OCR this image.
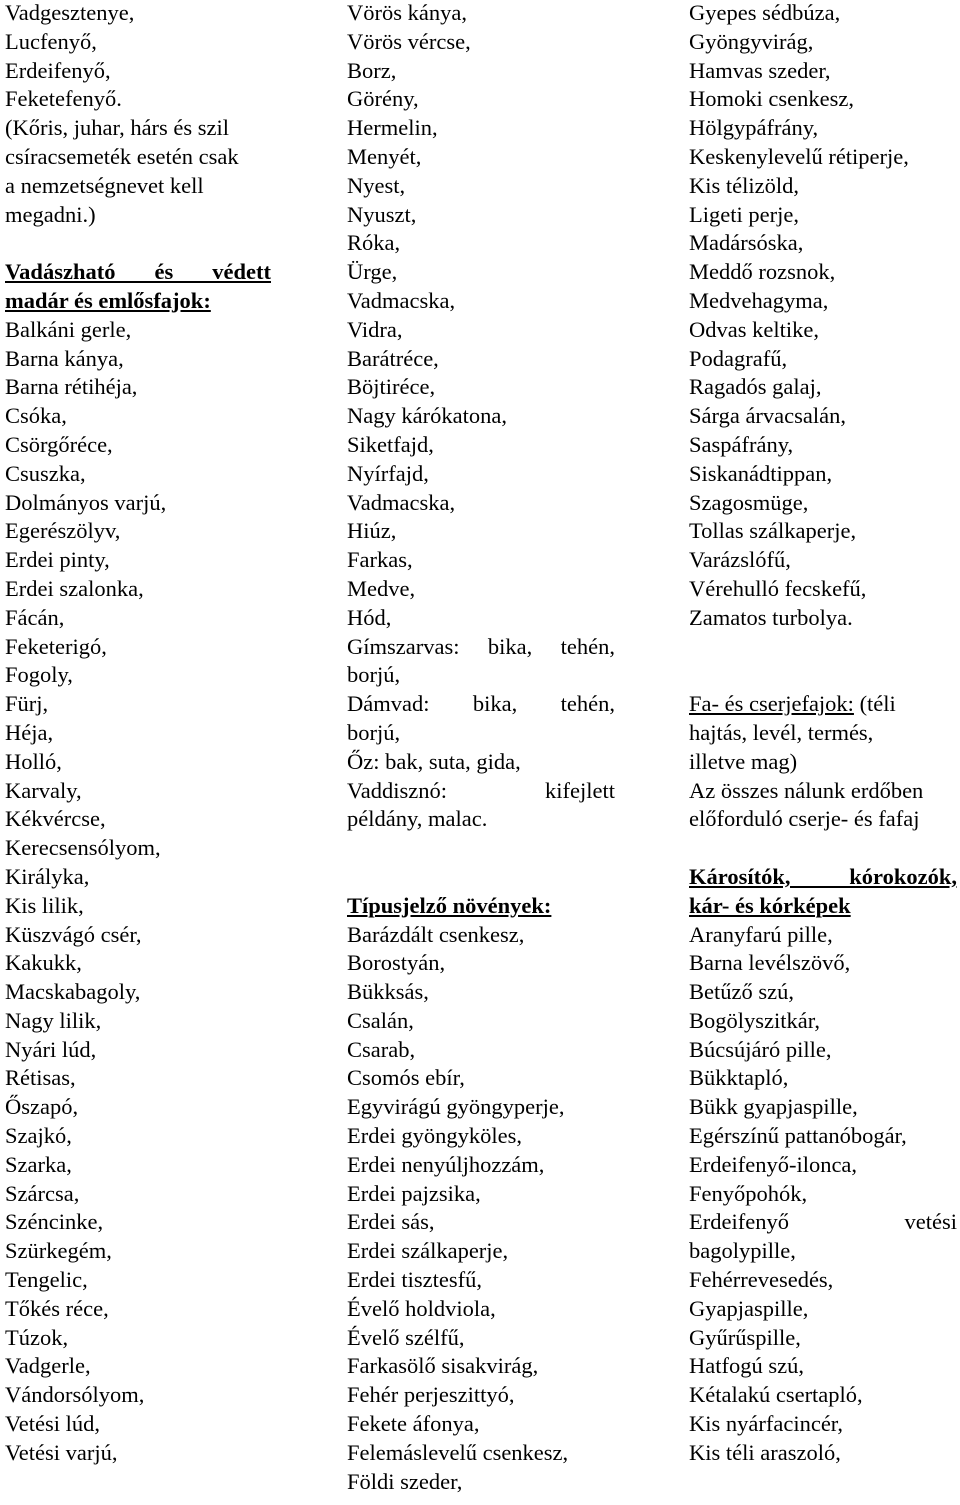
Vadgesztenye,
Lucfenyő,
Erdeifenyő,
Feketefenyő.
(Kőris, juhar, hárs és szil
csíracsemeték esetén csak
a nemzetségnevet kell
megadni.)
Vadászható és védett
madár és emlősfajok:
Balkáni gerle,
Barna kánya,
Barna rétihéja,
Csóka,
Csörgőréce,
Csuszka,
Dolmányos varjú,
Egerészölyv,
Erdei pinty,
Erdei szalonka,
Fácán,
Feketerigó,
Fogoly,
Fürj,
Héja,
Holló,
Karvaly,
Kékvércse,
Kerecsensólyom,
Királyka,
Kis lilik,
Küszvágó csér,
Kakukk,
Macskabagoly,
Nagy lilik,
Nyári lúd,
Rétisas,
Őszapó,
Szajkó,
Szarka,
Szárcsa,
Széncinke,
Szürkegém,
Tengelic,
Tőkés réce,
Túzok,
Vadgerle,
Vándorsólyom,
Vetési lúd,
Vetési varjú,
Vörös kánya,
Vörös vércse,
Borz,
Görény,
Hermelin,
Menyét,
Nyest,
Nyuszt,
Róka,
Ürge,
Vadmacska,
Vidra,
Barátréce,
Böjtiréce,
Nagy kárókatona,
Siketfajd,
Nyírfajd,
Vadmacska,
Hiúz,
Farkas,
Medve,
Hód,
Gímszarvas: bika, tehén,
borjú,
Dámvad: bika, tehén,
borjú,
Őz: bak, suta, gida,
Vaddisznó: kifejlett
példány, malac.
Típusjelző növények:
Barázdált csenkesz,
Borostyán,
Bükksás,
Csalán,
Csarab,
Csomós ebír,
Egyvirágú gyöngyperje,
Erdei gyöngyköles,
Erdei nenyúljhozzám,
Erdei pajzsika,
Erdei sás,
Erdei szálkaperje,
Erdei tisztesfű,
Évelő holdviola,
Évelő szélfű,
Farkasölő sisakvirág,
Fehér perjeszittyó,
Fekete áfonya,
Felemáslevelű csenkesz,
Földi szeder,
Gyepes sédbúza,
Gyöngyvirág,
Hamvas szeder,
Homoki csenkesz,
Hölgypáfrány,
Keskenylevelű rétiperje,
Kis télizöld,
Ligeti perje,
Madársóska,
Meddő rozsnok,
Medvehagyma,
Odvas keltike,
Podagrafű,
Ragadós galaj,
Sárga árvacsalán,
Saspáfrány,
Siskanádtippan,
Szagosmüge,
Tollas szálkaperje,
Varázslófű,
Vérehulló fecskefű,
Zamatos turbolya.
Fa- és cserjefajok: (téli
hajtás, levél, termés,
illetve mag)
Az összes nálunk erdőben
előforduló cserje- és fafaj
Károsítók, kórokozók,
kár- és kórképek
Aranyfarú pille,
Barna levélszövő,
Betűző szú,
Bogölyszitkár,
Búcsújáró pille,
Bükktapló,
Bükk gyapjaspille,
Egérszínű pattanóbogár,
Erdeifenyő-ilonca,
Fenyőpohók,
Erdeifenyő vetési
bagolypille,
Fehérrevesedés,
Gyapjaspille,
Gyűrűspille,
Hatfogú szú,
Kétalakú csertapló,
Kis nyárfacincér,
Kis téli araszoló,
